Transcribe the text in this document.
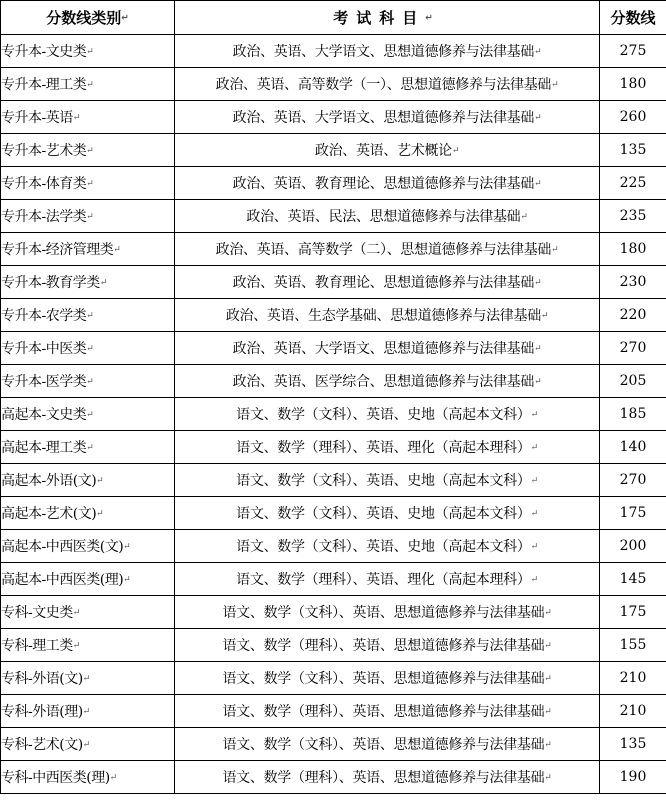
分数线类别↵	考试科目↵	分数线
专升本-文史类↵	政治、英语、大学语文、思想道德修养与法律基础↵	275
专升本-理工类↵	政治、英语、高等数学（一）、思想道德修养与法律基础↵	180
专升本-英语↵	政治、英语、大学语文、思想道德修养与法律基础↵	260
专升本-艺术类↵	政治、英语、艺术概论↵	135
专升本-体育类↵	政治、英语、教育理论、思想道德修养与法律基础↵	225
专升本-法学类↵	政治、英语、民法、思想道德修养与法律基础↵	235
专升本-经济管理类↵	政治、英语、高等数学（二）、思想道德修养与法律基础↵	180
专升本-教育学类↵	政治、英语、教育理论、思想道德修养与法律基础↵	230
专升本-农学类↵	政治、英语、生态学基础、思想道德修养与法律基础↵	220
专升本-中医类↵	政治、英语、大学语文、思想道德修养与法律基础↵	270
专升本-医学类↵	政治、英语、医学综合、思想道德修养与法律基础↵	205
高起本-文史类↵	语文、数学（文科）、英语、史地（高起本文科）↵	185
高起本-理工类↵	语文、数学（理科）、英语、理化（高起本理科）↵	140
高起本-外语(文)↵	语文、数学（文科）、英语、史地（高起本文科）↵	270
高起本-艺术(文)↵	语文、数学（文科）、英语、史地（高起本文科）↵	175
高起本-中西医类(文)↵	语文、数学（文科）、英语、史地（高起本文科）↵	200
高起本-中西医类(理)↵	语文、数学（理科）、英语、理化（高起本理科）↵	145
专科-文史类↵	语文、数学（文科）、英语、思想道德修养与法律基础↵	175
专科-理工类↵	语文、数学（理科）、英语、思想道德修养与法律基础↵	155
专科-外语(文)↵	语文、数学（文科）、英语、思想道德修养与法律基础↵	210
专科-外语(理)↵	语文、数学（理科）、英语、思想道德修养与法律基础↵	210
专科-艺术(文)↵	语文、数学（文科）、英语、思想道德修养与法律基础↵	135
专科-中西医类(理)↵	语文、数学（理科）、英语、思想道德修养与法律基础↵	190
